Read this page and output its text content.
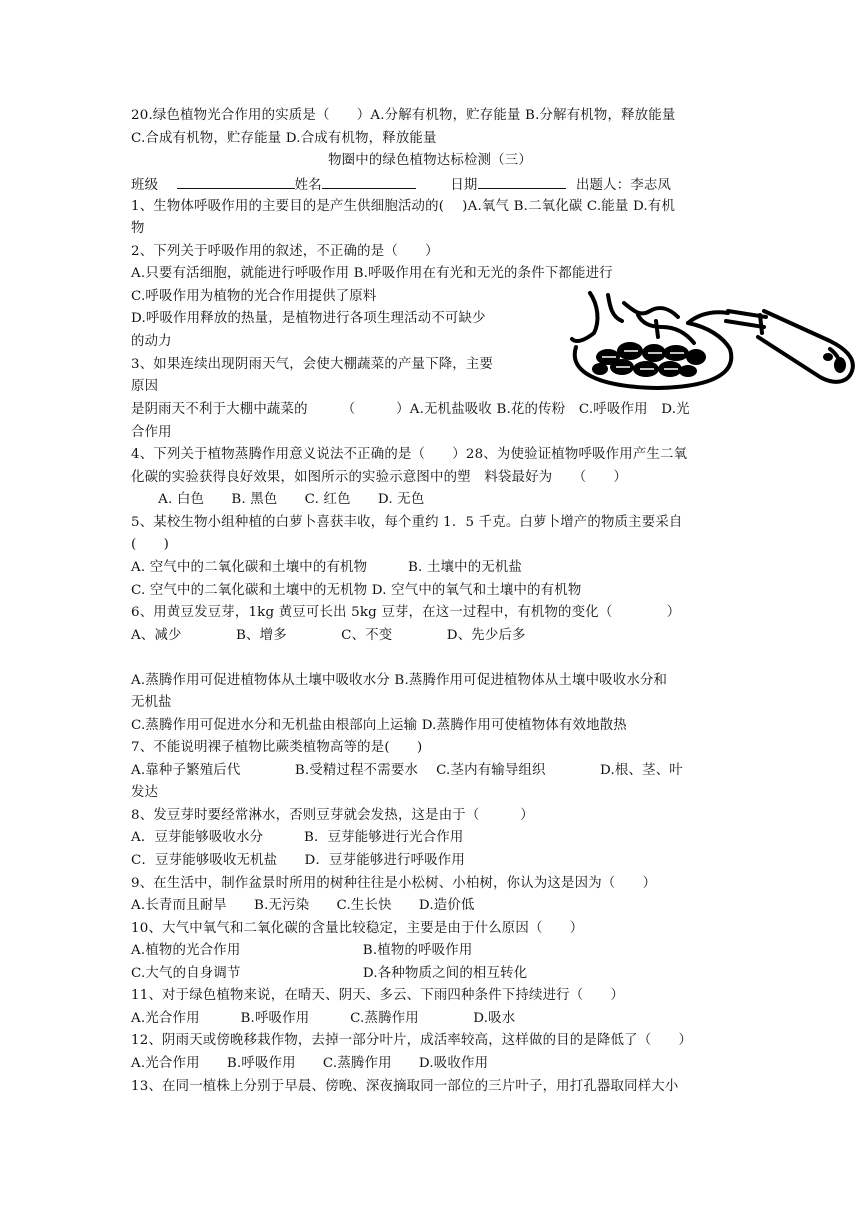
20.绿色植物光合作用的实质是（　　）A.分解有机物，贮存能量 B.分解有机物，释放能量
C.合成有机物，贮存能量 D.合成有机物，释放能量
物圈中的绿色植物达标检测（三）
班级	姓名	日期	出题人：李志凤
1、生物体呼吸作用的主要目的是产生供细胞活动的(　 )A.氧气 B.二氧化碳 C.能量 D.有机
物
2、下列关于呼吸作用的叙述，不正确的是（　　）
A.只要有活细胞，就能进行呼吸作用 B.呼吸作用在有光和无光的条件下都能进行
C.呼吸作用为植物的光合作用提供了原料
D.呼吸作用释放的热量，是植物进行各项生理活动不可缺少
的动力
3、如果连续出现阴雨天气，会使大棚蔬菜的产量下降，主要
原因
是阴雨天不利于大棚中蔬菜的　　　（　　　）A.无机盐吸收 B.花的传粉　C.呼吸作用　D.光
合作用
4、下列关于植物蒸腾作用意义说法不正确的是（　　）28、为使验证植物呼吸作用产生二氧
化碳的实验获得良好效果，如图所示的实验示意图中的塑　料袋最好为　　（　　）
　　A. 白色　　B. 黑色　　C. 红色　　D. 无色
5、某校生物小组种植的白萝卜喜获丰收，每个重约 1．5 千克。白萝卜增产的物质主要采自
(　　)
A. 空气中的二氧化碳和土壤中的有机物　　　B. 土壤中的无机盐
C. 空气中的二氧化碳和土壤中的无机物 D. 空气中的氧气和土壤中的有机物
6、用黄豆发豆芽，1kg 黄豆可长出 5kg 豆芽，在这一过程中，有机物的变化（　　　　）
A、减少　　　　B、增多　　　　C、不变　　　　D、先少后多
A.蒸腾作用可促进植物体从土壤中吸收水分 B.蒸腾作用可促进植物体从土壤中吸收水分和
无机盐
C.蒸腾作用可促进水分和无机盐由根部向上运输 D.蒸腾作用可使植物体有效地散热
7、不能说明裸子植物比蕨类植物高等的是(　　)
A.靠种子繁殖后代　　　　B.受精过程不需要水　 C.茎内有输导组织　　　　D.根、茎、叶
发达
8、发豆芽时要经常淋水，否则豆芽就会发热，这是由于（　　　）
A．豆芽能够吸收水分　　　B．豆芽能够进行光合作用
C．豆芽能够吸收无机盐　　D．豆芽能够进行呼吸作用
9、在生活中，制作盆景时所用的树种往往是小松树、小柏树，你认为这是因为（　　）
A.长青而且耐旱　　B.无污染　　C.生长快　　D.造价低
10、大气中氧气和二氧化碳的含量比较稳定，主要是由于什么原因（　　）
A.植物的光合作用　　　　　　　　　B.植物的呼吸作用
C.大气的自身调节　　　　　　　　　D.各种物质之间的相互转化
11、对于绿色植物来说，在晴天、阴天、多云、下雨四种条件下持续进行（　　）
A.光合作用　　　B.呼吸作用　　　C.蒸腾作用　　　　D.吸水
12、阴雨天或傍晚移栽作物，去掉一部分叶片，成活率较高，这样做的目的是降低了（　　）
A.光合作用　　B.呼吸作用　　C.蒸腾作用　　D.吸收作用
13、在同一植株上分别于早晨、傍晚、深夜摘取同一部位的三片叶子，用打孔器取同样大小
